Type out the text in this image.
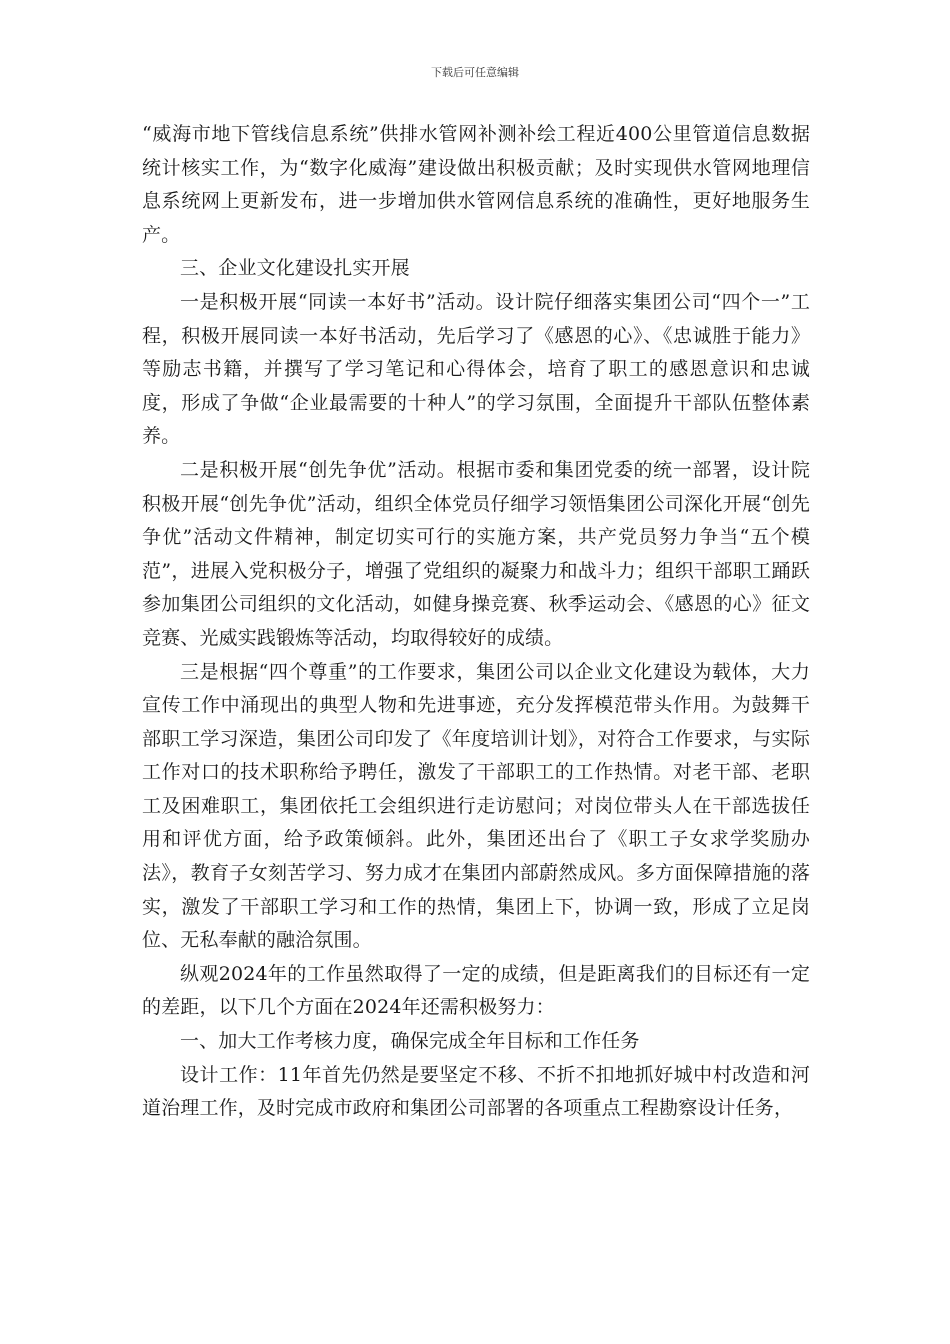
下载后可任意编辑

“威海市地下管线信息系统”供排水管网补测补绘工程近400公里管道信息数据统计核实工作，为“数字化威海”建设做出积极贡献；及时实现供水管网地理信息系统网上更新发布，进一步增加供水管网信息系统的准确性，更好地服务生产。

三、企业文化建设扎实开展

一是积极开展“同读一本好书”活动。设计院仔细落实集团公司“四个一”工程，积极开展同读一本好书活动，先后学习了《感恩的心》、《忠诚胜于能力》等励志书籍，并撰写了学习笔记和心得体会，培育了职工的感恩意识和忠诚度，形成了争做“企业最需要的十种人”的学习氛围，全面提升干部队伍整体素养。

二是积极开展“创先争优”活动。根据市委和集团党委的统一部署，设计院积极开展“创先争优”活动，组织全体党员仔细学习领悟集团公司深化开展“创先争优”活动文件精神，制定切实可行的实施方案，共产党员努力争当“五个模范”，进展入党积极分子，增强了党组织的凝聚力和战斗力；组织干部职工踊跃参加集团公司组织的文化活动，如健身操竞赛、秋季运动会、《感恩的心》征文竞赛、光威实践锻炼等活动，均取得较好的成绩。

三是根据“四个尊重”的工作要求，集团公司以企业文化建设为载体，大力宣传工作中涌现出的典型人物和先进事迹，充分发挥模范带头作用。为鼓舞干部职工学习深造，集团公司印发了《年度培训计划》，对符合工作要求，与实际工作对口的技术职称给予聘任，激发了干部职工的工作热情。对老干部、老职工及困难职工，集团依托工会组织进行走访慰问；对岗位带头人在干部选拔任用和评优方面，给予政策倾斜。此外，集团还出台了《职工子女求学奖励办法》，教育子女刻苦学习、努力成才在集团内部蔚然成风。多方面保障措施的落实，激发了干部职工学习和工作的热情，集团上下，协调一致，形成了立足岗位、无私奉献的融洽氛围。

纵观2024年的工作虽然取得了一定的成绩，但是距离我们的目标还有一定的差距，以下几个方面在2024年还需积极努力：

一、加大工作考核力度，确保完成全年目标和工作任务

设计工作：11年首先仍然是要坚定不移、不折不扣地抓好城中村改造和河道治理工作，及时完成市政府和集团公司部署的各项重点工程勘察设计任务，
